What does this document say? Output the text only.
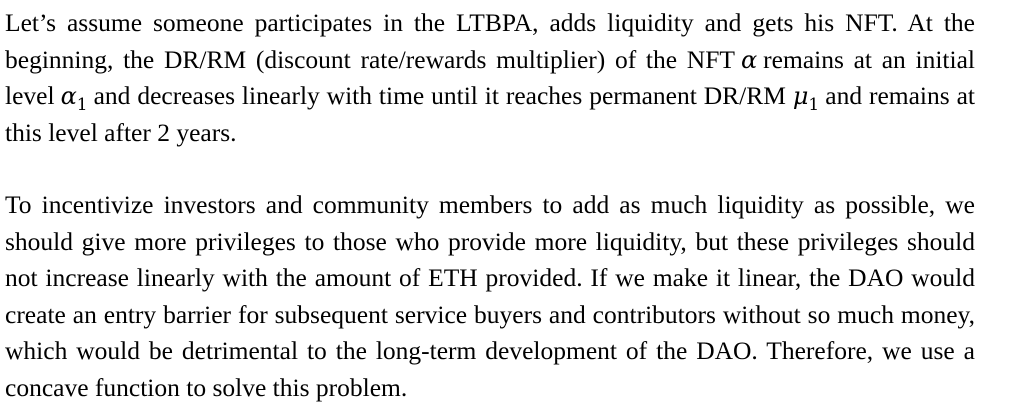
Let’s assume someone participates in the LTBPA, adds liquidity and gets his NFT. At the beginning, the DR/RM (discount rate/rewards multiplier) of the NFT α remains at an initial level $\alpha_1$ and decreases linearly with time until it reaches permanent DR/RM $\mu_1$ and remains at this level after 2 years.

To incentivize investors and community members to add as much liquidity as possible, we should give more privileges to those who provide more liquidity, but these privileges should not increase linearly with the amount of ETH provided. If we make it linear, the DAO would create an entry barrier for subsequent service buyers and contributors without so much money, which would be detrimental to the long-term development of the DAO. Therefore, we use a concave function to solve this problem.
